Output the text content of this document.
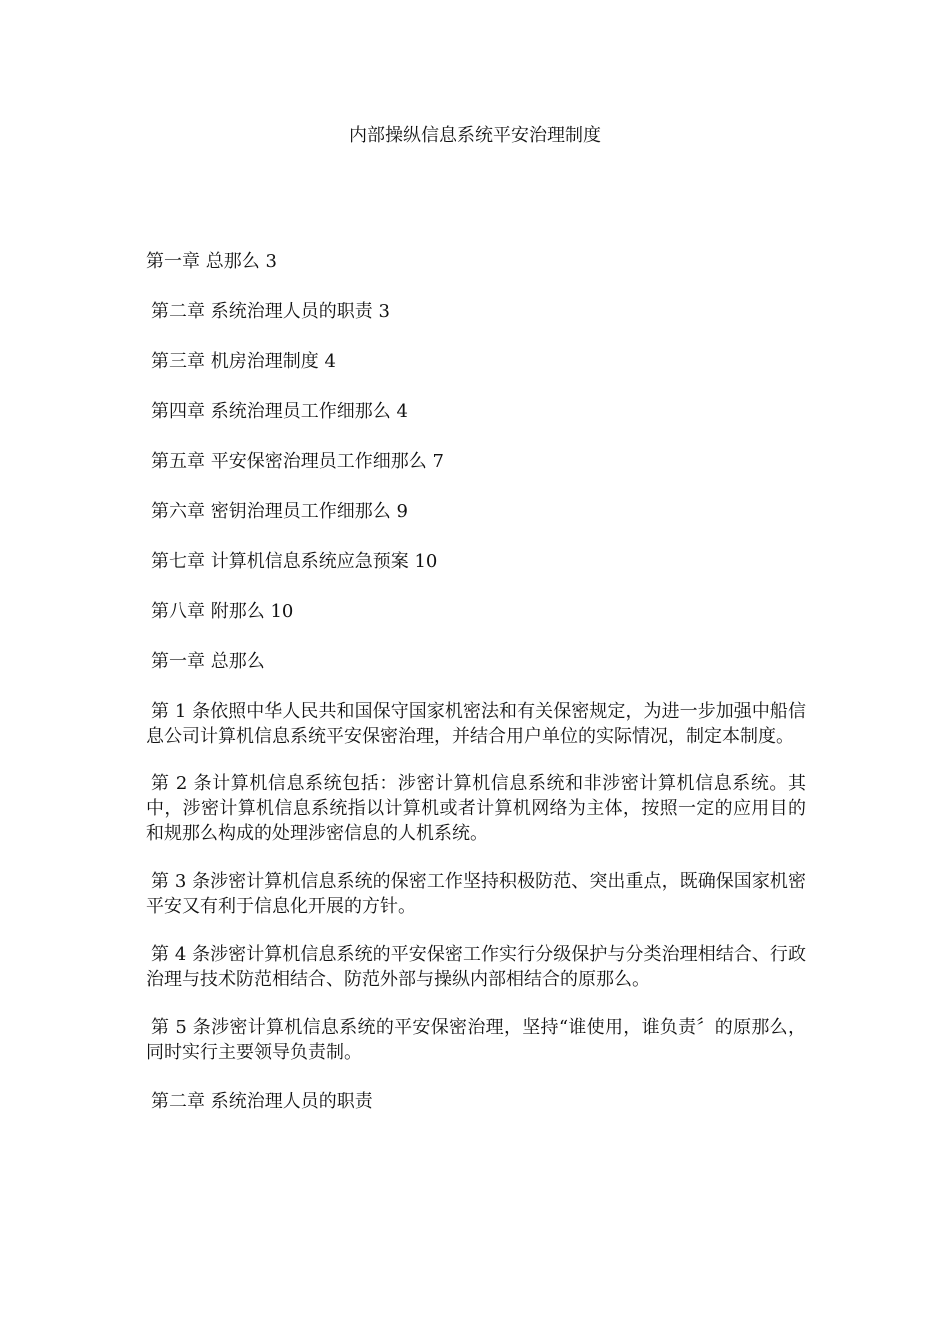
内部操纵信息系统平安治理制度
第一章 总那么 3
第二章 系统治理人员的职责 3
第三章 机房治理制度 4
第四章 系统治理员工作细那么 4
第五章 平安保密治理员工作细那么 7
第六章 密钥治理员工作细那么 9
第七章 计算机信息系统应急预案 10
第八章 附那么 10
第一章 总那么

第 1 条依照中华人民共和国保守国家机密法和有关保密规定，为进一步加强中船信息公司计算机信息系统平安保密治理，并结合用户单位的实际情况，制定本制度。

第 2 条计算机信息系统包括：涉密计算机信息系统和非涉密计算机信息系统。其中，涉密计算机信息系统指以计算机或者计算机网络为主体，按照一定的应用目的和规那么构成的处理涉密信息的人机系统。

第 3 条涉密计算机信息系统的保密工作坚持积极防范、突出重点，既确保国家机密平安又有利于信息化开展的方针。

第 4 条涉密计算机信息系统的平安保密工作实行分级保护与分类治理相结合、行政治理与技术防范相结合、防范外部与操纵内部相结合的原那么。

第 5 条涉密计算机信息系统的平安保密治理，坚持“谁使用，谁负责〞的原那么，同时实行主要领导负责制。

第二章 系统治理人员的职责
